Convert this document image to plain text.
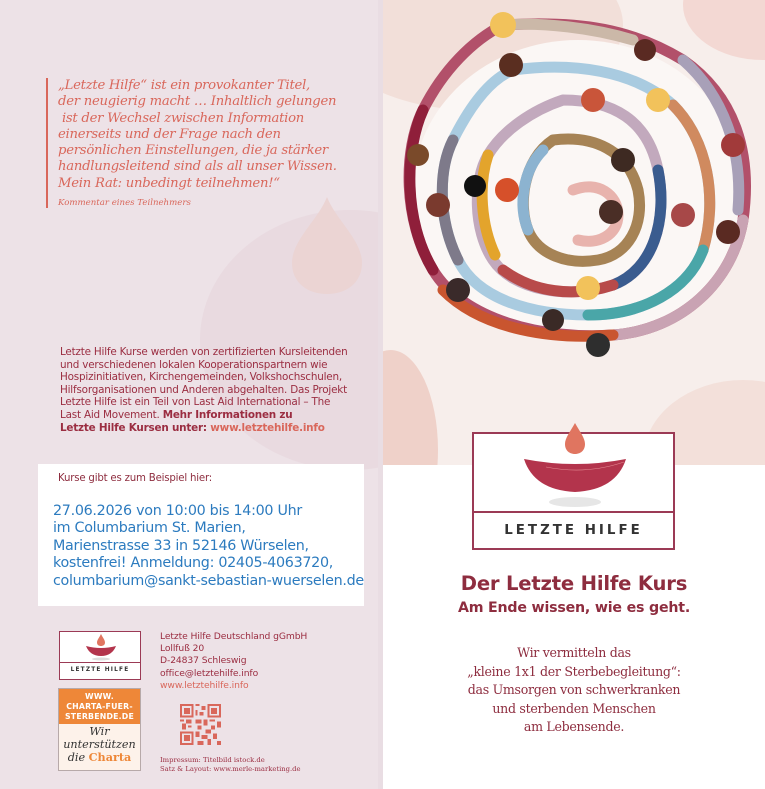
„Letzte Hilfe“ ist ein provokanter Titel,
der neugierig macht … Inhaltlich gelungen
ist der Wechsel zwischen Information
einerseits und der Frage nach den
persönlichen Einstellungen, die ja stärker
handlungsleitend sind als all unser Wissen.
Mein Rat: unbedingt teilnehmen!“
Kommentar eines Teilnehmers
Letzte Hilfe Kurse werden von zertifizierten Kursleitenden
und verschiedenen lokalen Kooperationspartnern wie
Hospizinitiativen, Kirchengemeinden, Volkshochschulen,
Hilfsorganisationen und Anderen abgehalten. Das Projekt
Letzte Hilfe ist ein Teil von Last Aid International – The
Last Aid Movement. Mehr Informationen zu
Letzte Hilfe Kursen unter: www.letztehilfe.info
Kurse gibt es zum Beispiel hier:
27.06.2026 von 10:00 bis 14:00 Uhr
im Columbarium St. Marien,
Marienstrasse 33 in 52146 Würselen,
kostenfrei! Anmeldung: 02405-4063720,
columbarium@sankt-sebastian-wuerselen.de
LETZTE HILFE
WWW.
CHARTA-FUER-
STERBENDE.DE
Wir
unterstützen
die Charta
Letzte Hilfe Deutschland gGmbH
Lollfuß 20
D-24837 Schleswig
office@letztehilfe.info
www.letztehilfe.info
Impressum: Titelbild istock.de
Satz & Layout: www.merle-marketing.de
LETZTE HILFE
Der Letzte Hilfe Kurs
Am Ende wissen, wie es geht.
Wir vermitteln das
„kleine 1x1 der Sterbebegleitung“:
das Umsorgen von schwerkranken
und sterbenden Menschen
am Lebensende.
